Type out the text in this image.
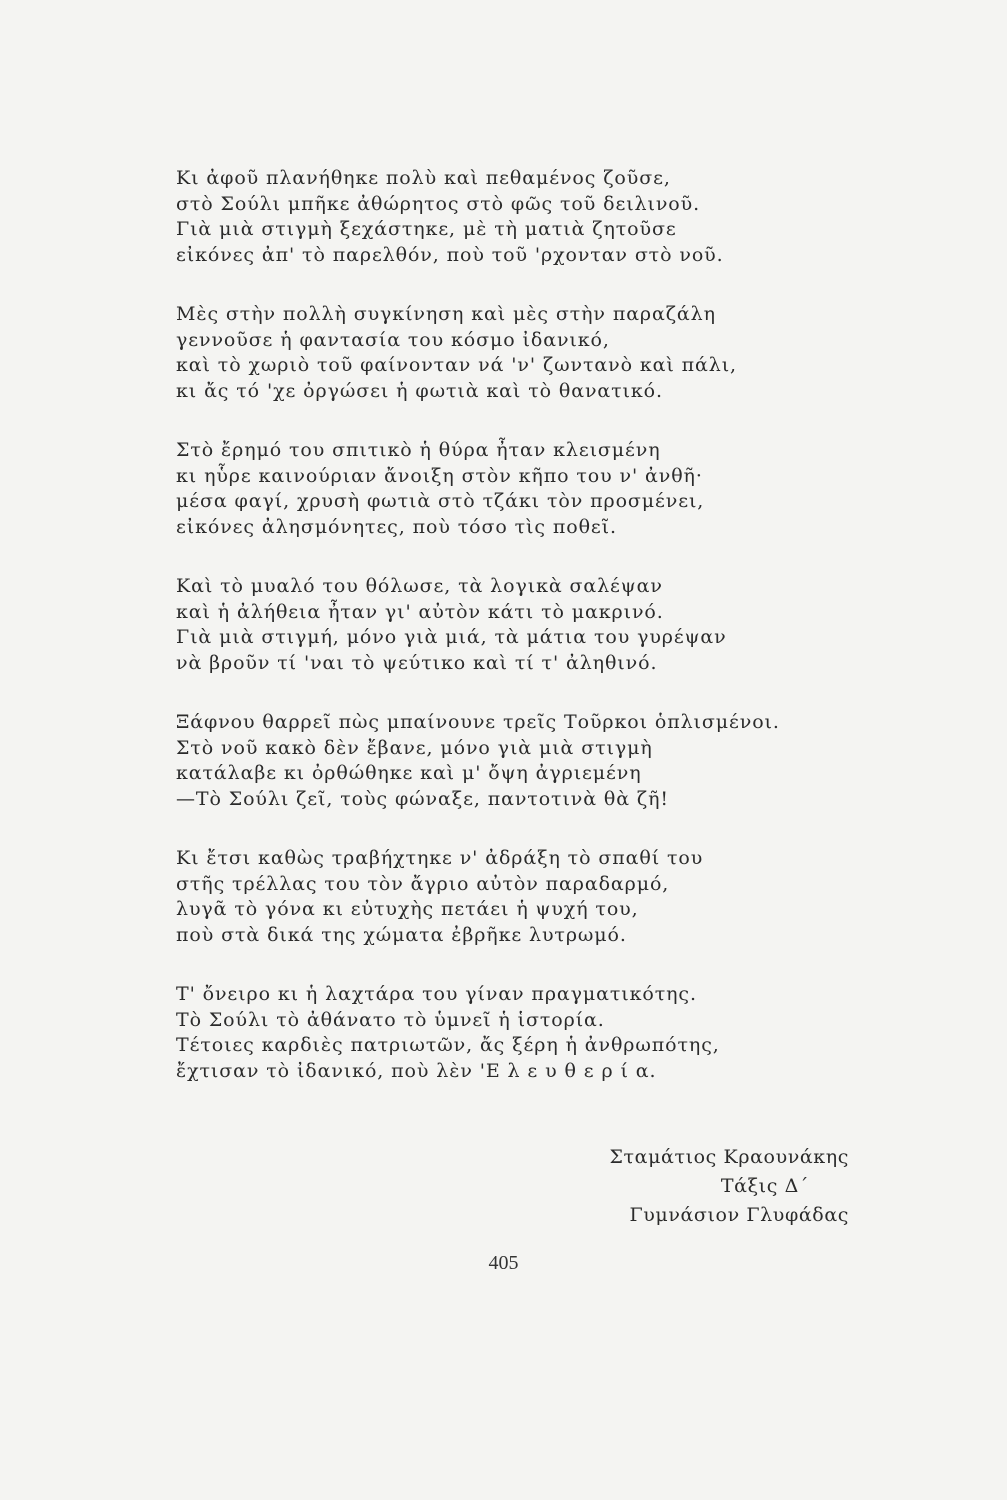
Κι ἀφοῦ πλανήθηκε πολὺ καὶ πεθαμένος ζοῦσε,
στὸ Σούλι μπῆκε ἀθώρητος στὸ φῶς τοῦ δειλινοῦ.
Γιὰ μιὰ στιγμὴ ξεχάστηκε, μὲ τὴ ματιὰ ζητοῦσε
εἰκόνες ἀπ' τὸ παρελθόν, ποὺ τοῦ 'ρχονταν στὸ νοῦ.
Μὲς στὴν πολλὴ συγκίνηση καὶ μὲς στὴν παραζάλη
γεννοῦσε ἡ φαντασία του κόσμο ἰδανικό,
καὶ τὸ χωριὸ τοῦ φαίνονταν νά 'ν' ζωντανὸ καὶ πάλι,
κι ἄς τό 'χε ὀργώσει ἡ φωτιὰ καὶ τὸ θανατικό.
Στὸ ἔρημό του σπιτικὸ ἡ θύρα ἦταν κλεισμένη
κι ηὗρε καινούριαν ἄνοιξη στὸν κῆπο του ν' ἀνθῆ·
μέσα φαγί, χρυσὴ φωτιὰ στὸ τζάκι τὸν προσμένει,
εἰκόνες ἀλησμόνητες, ποὺ τόσο τὶς ποθεῖ.
Καὶ τὸ μυαλό του θόλωσε, τὰ λογικὰ σαλέψαν
καὶ ἡ ἀλήθεια ἦταν γι' αὐτὸν κάτι τὸ μακρινό.
Γιὰ μιὰ στιγμή, μόνο γιὰ μιά, τὰ μάτια του γυρέψαν
νὰ βροῦν τί 'ναι τὸ ψεύτικο καὶ τί τ' ἀληθινό.
Ξάφνου θαρρεῖ πὼς μπαίνουνε τρεῖς Τοῦρκοι ὁπλισμένοι.
Στὸ νοῦ κακὸ δὲν ἔβανε, μόνο γιὰ μιὰ στιγμὴ
κατάλαβε κι ὀρθώθηκε καὶ μ' ὄψη ἀγριεμένη
—Τὸ Σούλι ζεῖ, τοὺς φώναξε, παντοτινὰ θὰ ζῆ!
Κι ἔτσι καθὼς τραβήχτηκε ν' ἀδράξη τὸ σπαθί του
στῆς τρέλλας του τὸν ἄγριο αὐτὸν παραδαρμό,
λυγᾶ τὸ γόνα κι εὐτυχὴς πετάει ἡ ψυχή του,
ποὺ στὰ δικά της χώματα ἐβρῆκε λυτρωμό.
Τ' ὄνειρο κι ἡ λαχτάρα του γίναν πραγματικότης.
Τὸ Σούλι τὸ ἀθάνατο τὸ ὑμνεῖ ἡ ἱστορία.
Τέτοιες καρδιὲς πατριωτῶν, ἄς ξέρη ἡ ἀνθρωπότης,
ἔχτισαν τὸ ἰδανικό, ποὺ λὲν 'Ε λ ε υ θ ε ρ ί α.
Σταμάτιος Κραουνάκης
Τάξις Δ΄
Γυμνάσιον Γλυφάδας
405
